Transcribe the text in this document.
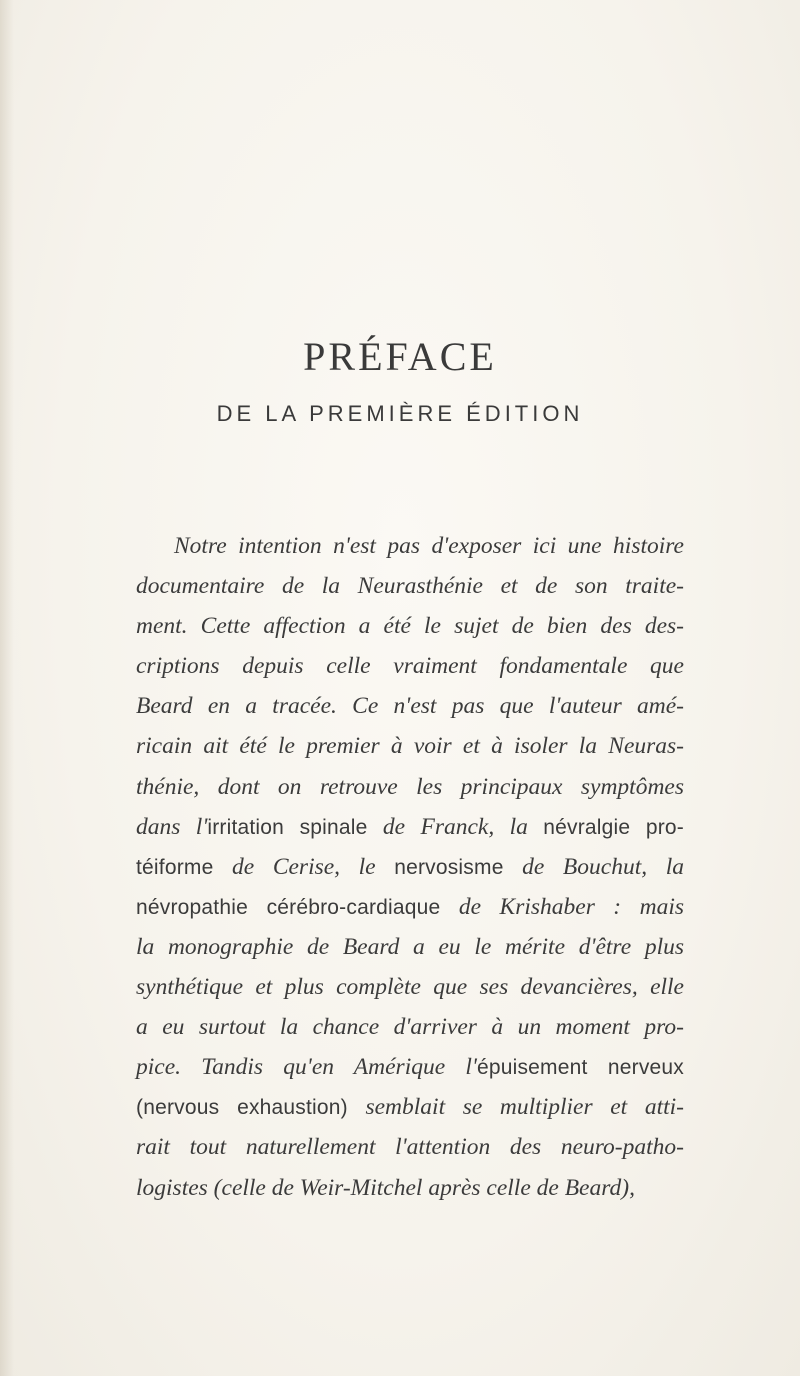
PRÉFACE
DE LA PREMIÈRE ÉDITION
Notre intention n'est pas d'exposer ici une histoire
documentaire de la Neurasthénie et de son traite-
ment. Cette affection a été le sujet de bien des des-
criptions depuis celle vraiment fondamentale que
Beard en a tracée. Ce n'est pas que l'auteur amé-
ricain ait été le premier à voir et à isoler la Neuras-
thénie, dont on retrouve les principaux symptômes
dans l'irritation spinale de Franck, la névralgie pro-
téiforme de Cerise, le nervosisme de Bouchut, la
névropathie cérébro-cardiaque de Krishaber : mais
la monographie de Beard a eu le mérite d'être plus
synthétique et plus complète que ses devancières, elle
a eu surtout la chance d'arriver à un moment pro-
pice. Tandis qu'en Amérique l'épuisement nerveux
(nervous exhaustion) semblait se multiplier et atti-
rait tout naturellement l'attention des neuro-patho-
logistes (celle de Weir-Mitchel après celle de Beard),
